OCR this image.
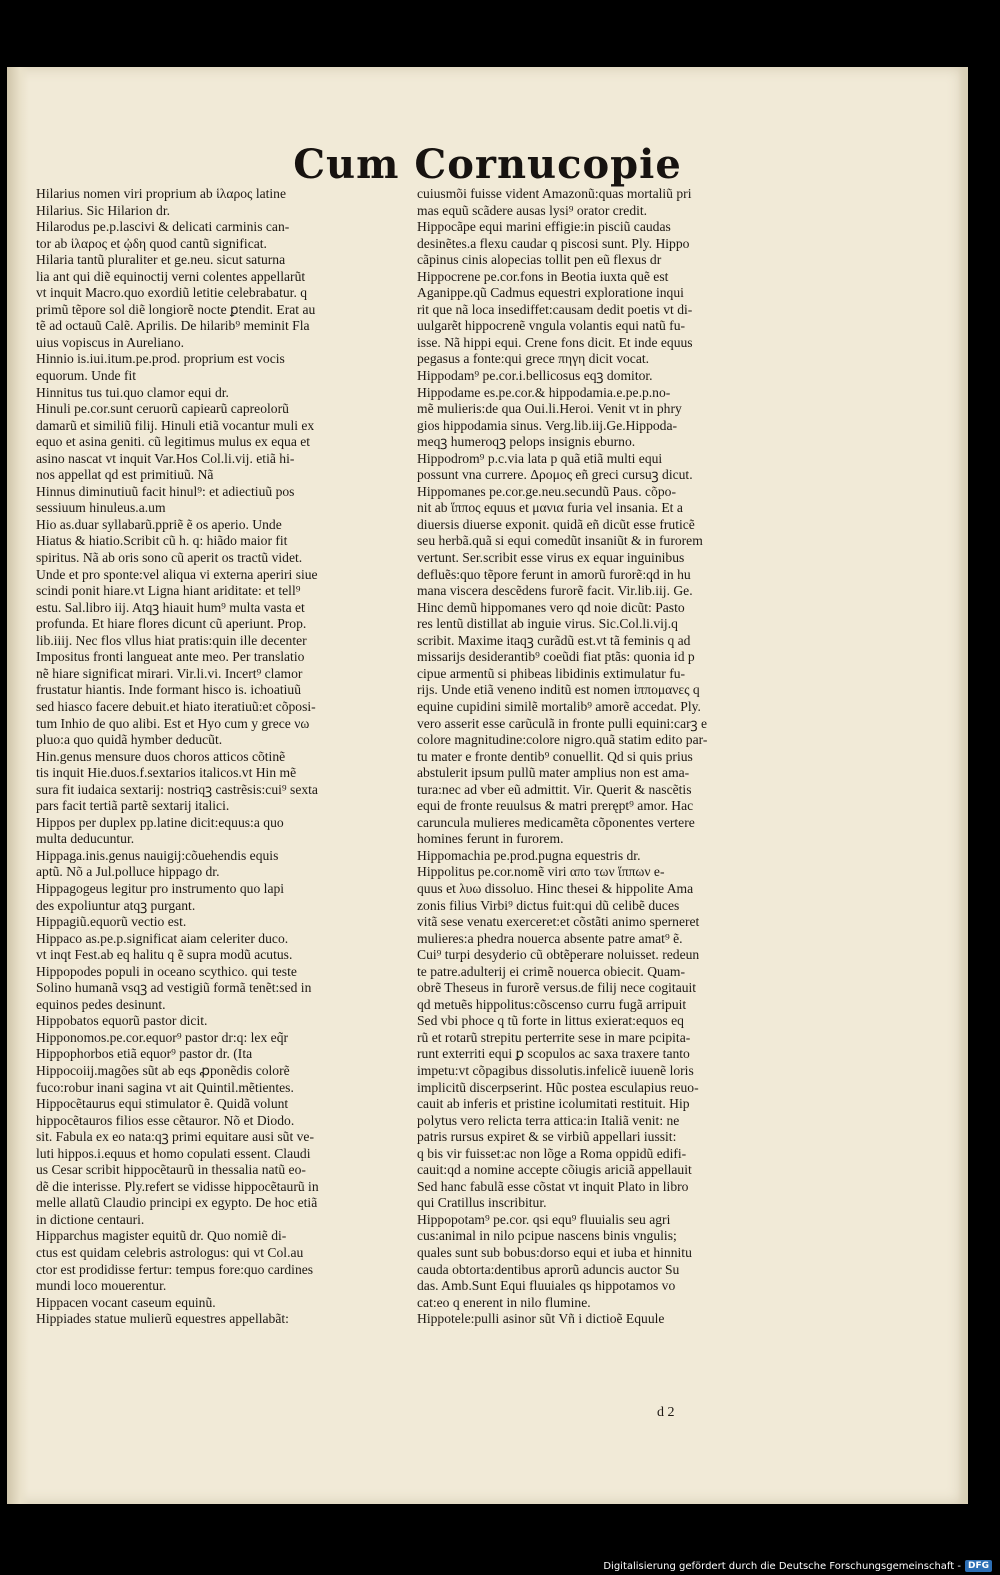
Cum Cornucopie
Hilarius nomen viri proprium ab ἱλαρος latine
Hilarius. Sic Hilarion dr.
Hilarodus pe.p.lascivi & delicati carminis can-
tor ab ἱλαρος et ᾠδη quod cantũ significat.
Hilaria tantũ pluraliter et ge.neu. sicut saturna
lia ant qui diẽ equinoctij verni colentes appellarũt
vt inquit Macro.quo exordiũ letitie celebrabatur. q
primũ tẽpore sol diẽ longiorẽ nocte ꝑtendit. Erat au
tẽ ad octauũ Calẽ. Aprilis. De hilarib⁹ meminit Fla
uius vopiscus in Aureliano.
Hinnio is.iui.itum.pe.prod. proprium est vocis
equorum. Unde fit
Hinnitus tus tui.quo clamor equi dr.
Hinuli pe.cor.sunt ceruorũ capiearũ capreolorũ
damarũ et similiũ filij. Hinuli etiã vocantur muli ex
equo et asina geniti. cũ legitimus mulus ex equa et
asino nascat vt inquit Var.Hos Col.li.vij. etiã hi-
nos appellat qd est primitiuũ. Nã
Hinnus diminutiuũ facit hinul⁹: et adiectiuũ pos
sessiuum hinuleus.a.um
Hio as.duar syllabarũ.ppriẽ ẽ os aperio. Unde
Hiatus & hiatio.Scribit cũ h. q: hiãdo maior fit
spiritus. Nã ab oris sono cũ aperit os tractũ videt.
Unde et pro sponte:vel aliqua vi externa aperiri siue
scindi ponit hiare.vt Ligna hiant ariditate: et tell⁹
estu. Sal.libro iij. Atqꝫ hiauit hum⁹ multa vasta et
profunda. Et hiare flores dicunt cũ aperiunt. Prop.
lib.iiij. Nec flos vllus hiat pratis:quin ille decenter
Impositus fronti langueat ante meo. Per translatio
nẽ hiare significat mirari. Vir.li.vi. Incert⁹ clamor
frustatur hiantis. Inde formant hisco is. ichoatiuũ
sed hiasco facere debuit.et hiato iteratiuũ:et cõposi-
tum Inhio de quo alibi. Est et Hyo cum y grece νω
pluo:a quo quidã hymber deducũt.
Hin.genus mensure duos choros atticos cõtinẽ
tis inquit Hie.duos.f.sextarios italicos.vt Hin mẽ
sura fit iudaica sextarij: nostriqꝫ castrẽsis:cui⁹ sexta
pars facit tertiã partẽ sextarij italici.
Hippos per duplex pp.latine dicit:equus:a quo
multa deducuntur.
Hippaga.inis.genus nauigij:cõuehendis equis
aptũ. Nõ a Jul.polluce hippago dr.
Hippagogeus legitur pro instrumento quo lapi
des expoliuntur atqꝫ purgant.
Hippagiũ.equorũ vectio est.
Hippaco as.pe.p.significat aiam celeriter duco.
vt inqt Fest.ab eq halitu q ẽ supra modũ acutus.
Hippopodes populi in oceano scythico. qui teste
Solino humanã vsqꝫ ad vestigiũ formã tenẽt:sed in
equinos pedes desinunt.
Hippobatos equorũ pastor dicit.
Hipponomos.pe.cor.equor⁹ pastor dr:q: lex eq̃r
Hippophorbos etiã equor⁹ pastor dr. (Ita
Hippocoiij.magões sũt ab eqs ꝓponẽdis colorẽ
fuco:robur inani sagina vt ait Quintil.mẽtientes.
Hippocẽtaurus equi stimulator ẽ. Quidã volunt
hippocẽtauros filios esse cẽtauror. Nõ et Diodo.
sit. Fabula ex eo nata:qꝫ primi equitare ausi sũt ve-
luti hippos.i.equus et homo copulati essent. Claudi
us Cesar scribit hippocẽtaurũ in thessalia natũ eo-
dẽ die interisse. Ply.refert se vidisse hippocẽtaurũ in
melle allatũ Claudio principi ex egypto. De hoc etiã
in dictione centauri.
Hipparchus magister equitũ dr. Quo nomiẽ di-
ctus est quidam celebris astrologus: qui vt Col.au
ctor est prodidisse fertur: tempus fore:quo cardines
mundi loco mouerentur.
Hippacen vocant caseum equinũ.
Hippiades statue mulierũ equestres appellabãt:
cuiusmõi fuisse vident Amazonũ:quas mortaliũ pri
mas equũ scãdere ausas lysi⁹ orator credit.
Hippocãpe equi marini effigie:in pisciũ caudas
desinẽtes.a flexu caudar q piscosi sunt. Ply. Hippo
cãpinus cinis alopecias tollit pen eũ flexus dr
Hippocrene pe.cor.fons in Beotia iuxta quẽ est
Aganippe.qũ Cadmus equestri exploratione inqui
rit que nã loca insediffet:causam dedit poetis vt di-
uulgarẽt hippocrenẽ vngula volantis equi natũ fu-
isse. Nã hippi equi. Crene fons dicit. Et inde equus
pegasus a fonte:qui grece πηγη dicit vocat.
Hippodam⁹ pe.cor.i.bellicosus eqꝫ domitor.
Hippodame es.pe.cor.& hippodamia.e.pe.p.no-
mẽ mulieris:de qua Oui.li.Heroi. Venit vt in phry
gios hippodamia sinus. Verg.lib.iij.Ge.Hippoda-
meqꝫ humeroqꝫ pelops insignis eburno.
Hippodrom⁹ p.c.via lata p quã etiã multi equi
possunt vna currere. Δρομος eñ greci cursuꝫ dicut.
Hippomanes pe.cor.ge.neu.secundũ Paus. cõpo-
nit ab ἵππος equus et μανια furia vel insania. Et a
diuersis diuerse exponit. quidã eñ dicũt esse fruticẽ
seu herbã.quã si equi comedũt insaniũt & in furorem
vertunt. Ser.scribit esse virus ex equar inguinibus
defluẽs:quo tẽpore ferunt in amorũ furorẽ:qd in hu
mana viscera descẽdens furorẽ facit. Vir.lib.iij. Ge.
Hinc demũ hippomanes vero qd noie dicũt: Pasto
res lentũ distillat ab inguie virus. Sic.Col.li.vij.q
scribit. Maxime itaqꝫ curãdũ est.vt tã feminis q ad
missarijs desiderantib⁹ coeũdi fiat ptãs: quonia id p
cipue armentũ si phibeas libidinis extimulatur fu-
rijs. Unde etiã veneno inditũ est nomen ἱππομανες q
equine cupidini similẽ mortalib⁹ amorẽ accedat. Ply.
vero asserit esse carũculã in fronte pulli equini:carꝫ e
colore magnitudine:colore nigro.quã statim edito par-
tu mater e fronte dentib⁹ conuellit. Qd si quis prius
abstulerit ipsum pullũ mater amplius non est ama-
tura:nec ad vber eũ admittit. Vir. Querit & nascẽtis
equi de fronte reuulsus & matri prerępt⁹ amor. Hac
caruncula mulieres medicamẽta cõponentes vertere
homines ferunt in furorem.
Hippomachia pe.prod.pugna equestris dr.
Hippolitus pe.cor.nomẽ viri απο των ἵππων e-
quus et λυω dissoluo. Hinc thesei & hippolite Ama
zonis filius Virbi⁹ dictus fuit:qui dũ celibẽ duces
vitã sese venatu exerceret:et cõstãti animo sperneret
mulieres:a phedra nouerca absente patre amat⁹ ẽ.
Cui⁹ turpi desyderio cũ obtẽperare noluisset. redeun
te patre.adulterij ei crimẽ nouerca obiecit. Quam-
obrẽ Theseus in furorẽ versus.de filij nece cogitauit
qd metuẽs hippolitus:cõscenso curru fugã arripuit
Sed vbi phoce q tũ forte in littus exierat:equos eq
rũ et rotarũ strepitu perterrite sese in mare pcipita-
runt exterriti equi ꝑ scopulos ac saxa traxere tanto
impetu:vt cõpagibus dissolutis.infelicẽ iuuenẽ loris
implicitũ discerpserint. Hũc postea esculapius reuo-
cauit ab inferis et pristine icolumitati restituit. Hip
polytus vero relicta terra attica:in Italiã venit: ne
patris rursus expiret & se virbiũ appellari iussit:
q bis vir fuisset:ac non lõge a Roma oppidũ edifi-
cauit:qd a nomine accepte cõiugis ariciã appellauit
Sed hanc fabulã esse cõstat vt inquit Plato in libro
qui Cratillus inscribitur.
Hippopotam⁹ pe.cor. qsi equ⁹ fluuialis seu agri
cus:animal in nilo pcipue nascens binis vngulis;
quales sunt sub bobus:dorso equi et iuba et hinnitu
cauda obtorta:dentibus aprorũ aduncis auctor Su
das. Amb.Sunt Equi fluuiales qs hippotamos vo
cat:eo q enerent in nilo flumine.
Hippotele:pulli asinor sũt Vñ i dictioẽ Equule
d 2
Digitalisierung gefördert durch die Deutsche Forschungsgemeinschaft - DFG
